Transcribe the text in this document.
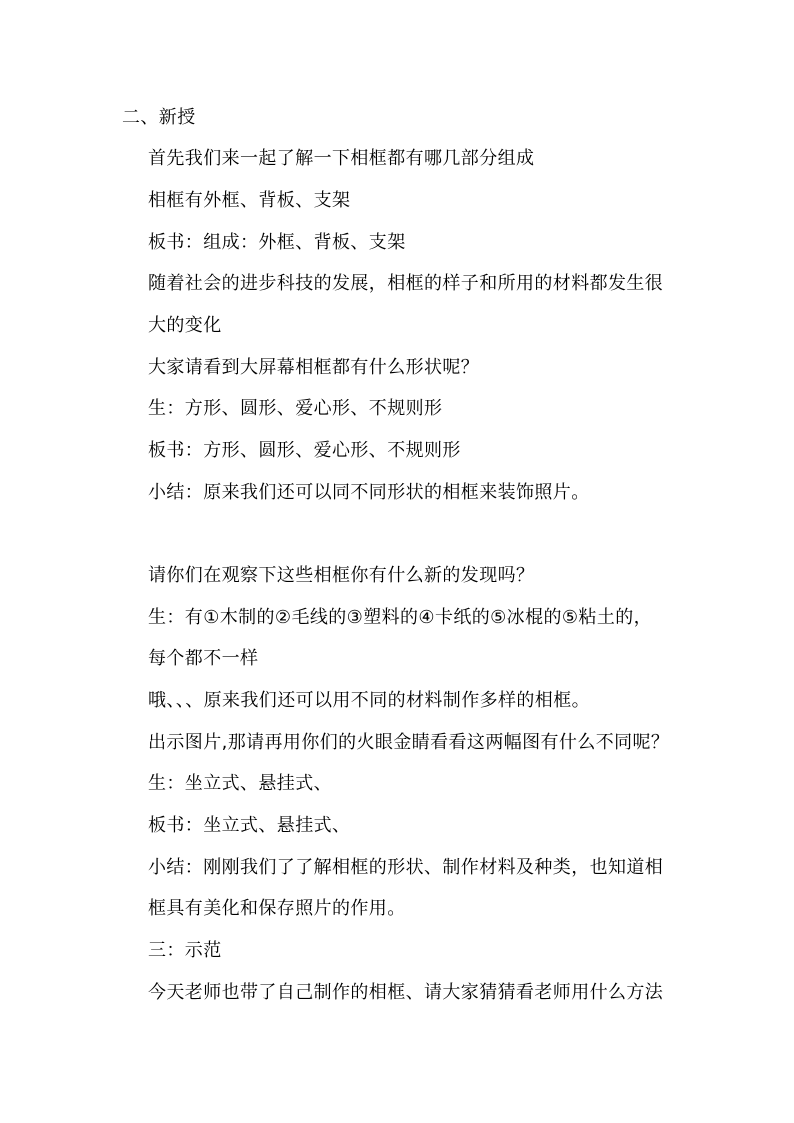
二、新授
首先我们来一起了解一下相框都有哪几部分组成
相框有外框、背板、支架
板书：组成：外框、背板、支架
随着社会的进步科技的发展，相框的样子和所用的材料都发生很
大的变化
大家请看到大屏幕相框都有什么形状呢？
生：方形、圆形、爱心形、不规则形
板书：方形、圆形、爱心形、不规则形
小结：原来我们还可以同不同形状的相框来装饰照片。
请你们在观察下这些相框你有什么新的发现吗？
生：有①木制的②毛线的③塑料的④卡纸的⑤冰棍的⑤粘土的，
每个都不一样
哦、、、原来我们还可以用不同的材料制作多样的相框。
出示图片,那请再用你们的火眼金睛看看这两幅图有什么不同呢？
生：坐立式、悬挂式、
板书：坐立式、悬挂式、
小结：刚刚我们了了解相框的形状、制作材料及种类，也知道相
框具有美化和保存照片的作用。
三：示范
今天老师也带了自己制作的相框、请大家猜猜看老师用什么方法
